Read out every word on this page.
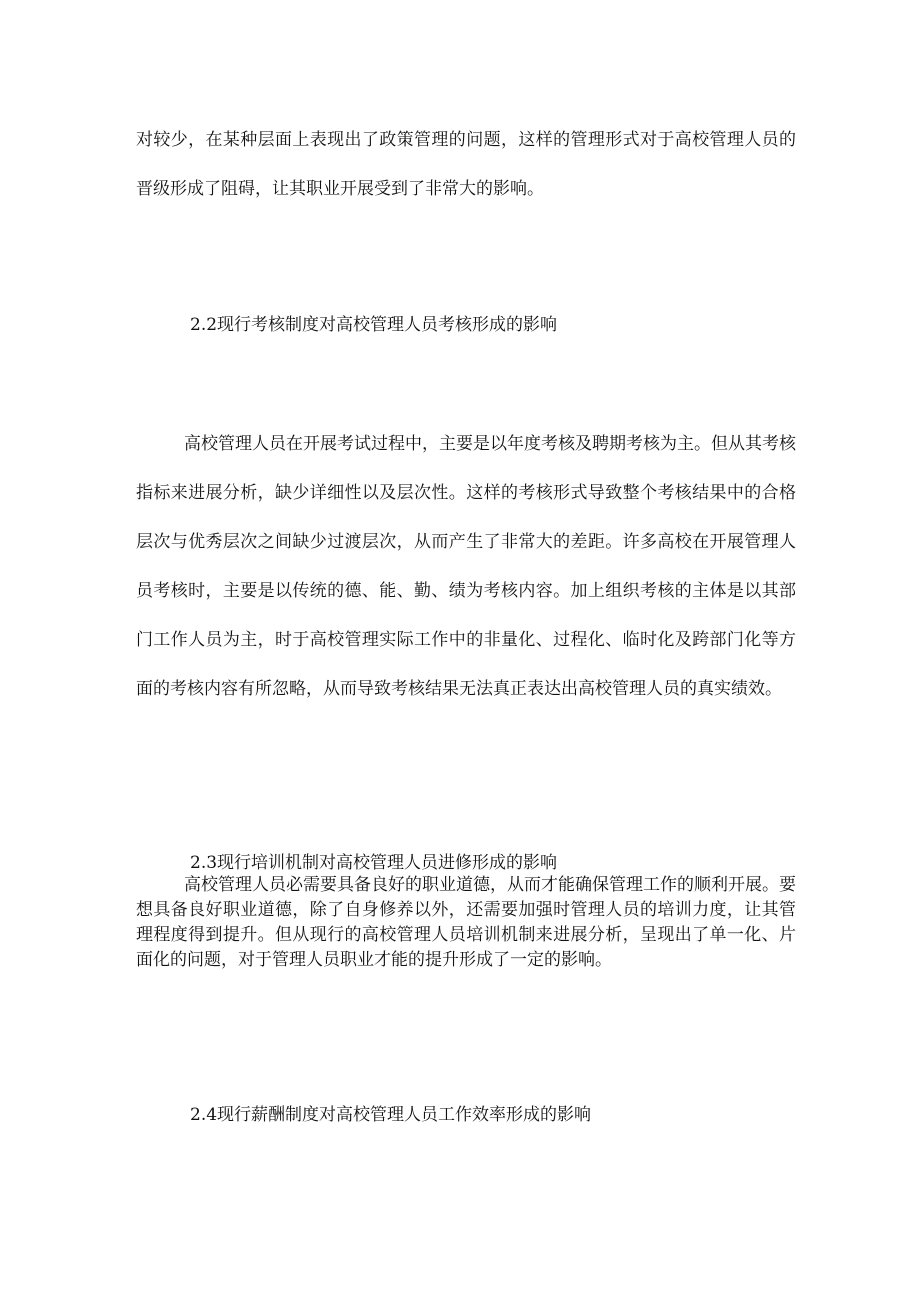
对较少，在某种层面上表现出了政策管理的问题，这样的管理形式对于高校管理人员的晋级形成了阻碍，让其职业开展受到了非常大的影响。

2.2现行考核制度对高校管理人员考核形成的影响

高校管理人员在开展考试过程中，主要是以年度考核及聘期考核为主。但从其考核指标来进展分析，缺少详细性以及层次性。这样的考核形式导致整个考核结果中的合格层次与优秀层次之间缺少过渡层次，从而产生了非常大的差距。许多高校在开展管理人员考核时，主要是以传统的德、能、勤、绩为考核内容。加上组织考核的主体是以其部门工作人员为主，时于高校管理实际工作中的非量化、过程化、临时化及跨部门化等方面的考核内容有所忽略，从而导致考核结果无法真正表达出高校管理人员的真实绩效。

2.3现行培训机制对高校管理人员进修形成的影响

高校管理人员必需要具备良好的职业道德，从而才能确保管理工作的顺利开展。要想具备良好职业道德，除了自身修养以外，还需要加强时管理人员的培训力度，让其管理程度得到提升。但从现行的高校管理人员培训机制来进展分析，呈现出了单一化、片面化的问题，对于管理人员职业才能的提升形成了一定的影响。

2.4现行薪酬制度对高校管理人员工作效率形成的影响
